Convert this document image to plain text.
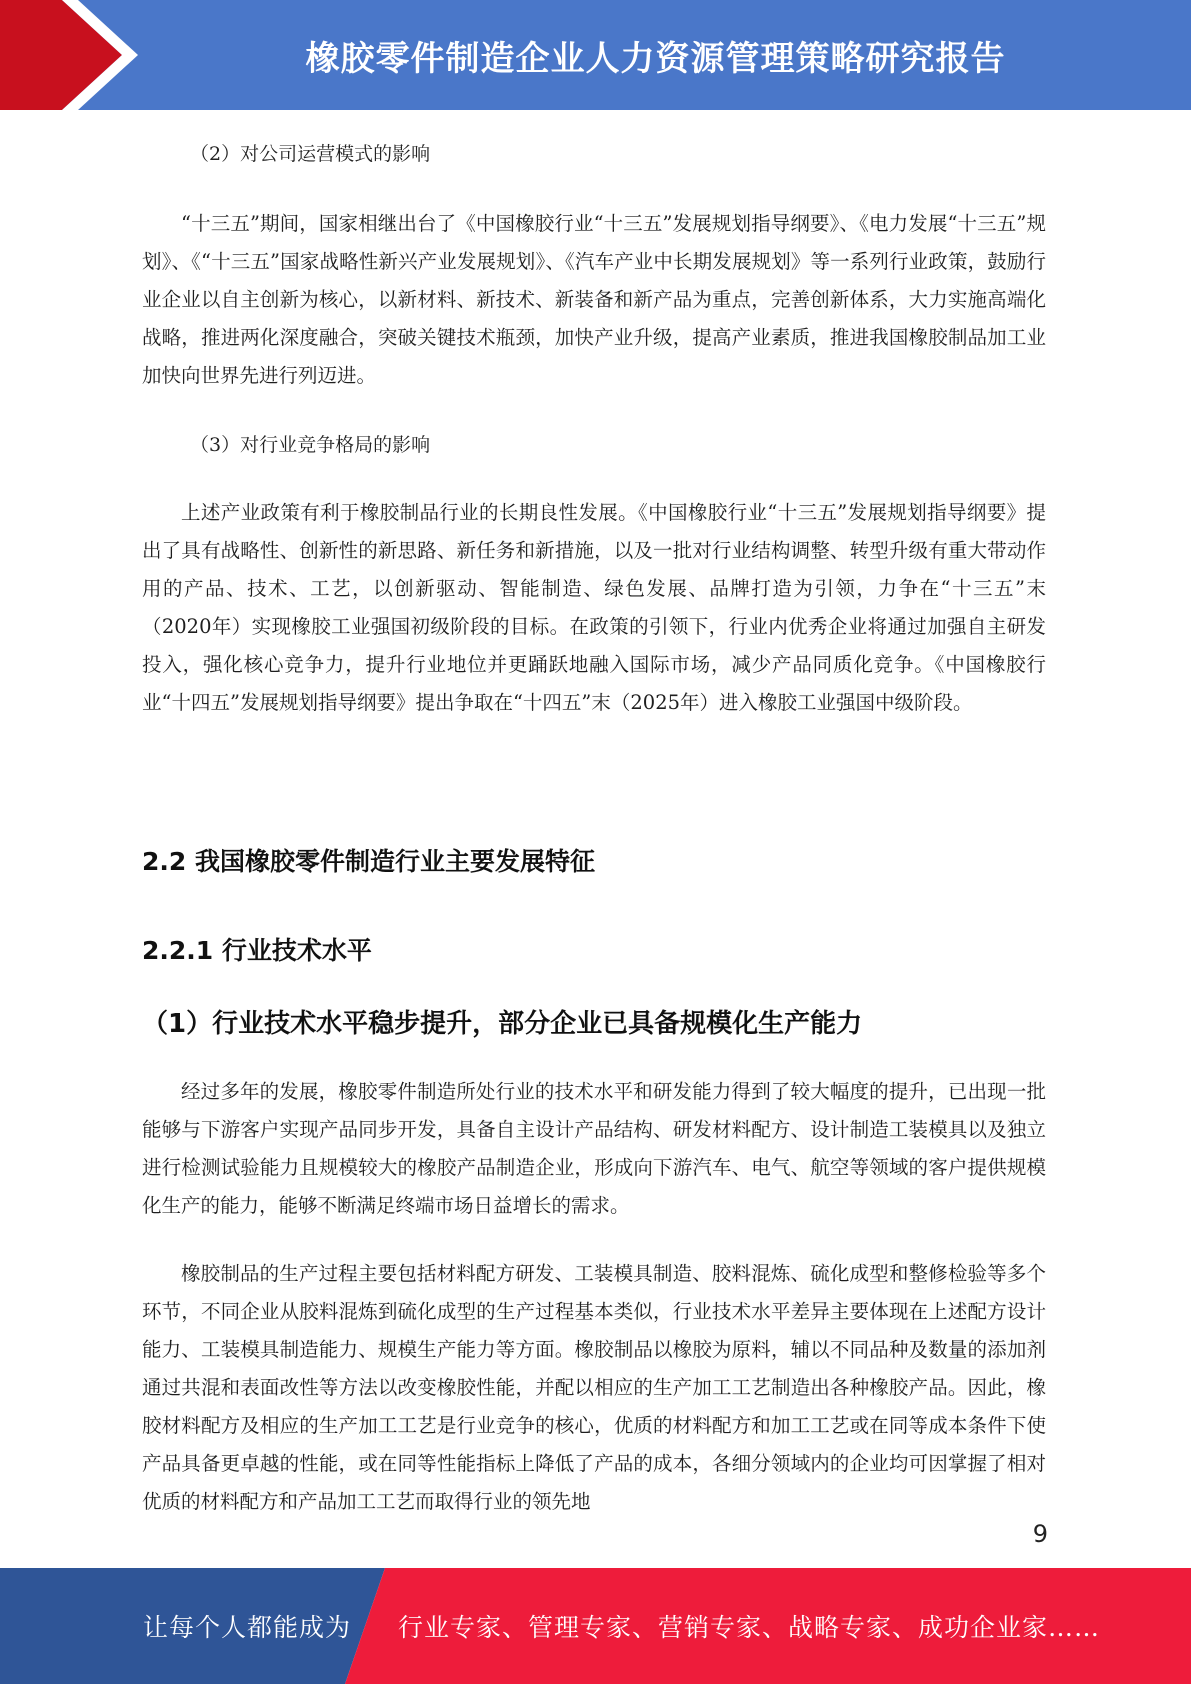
橡胶零件制造企业人力资源管理策略研究报告
（2）对公司运营模式的影响
“十三五”期间，国家相继出台了《中国橡胶行业“十三五”发展规划指导纲要》、《电力发展“十三五”规划》、《“十三五”国家战略性新兴产业发展规划》、《汽车产业中长期发展规划》等一系列行业政策，鼓励行业企业以自主创新为核心，以新材料、新技术、新装备和新产品为重点，完善创新体系，大力实施高端化战略，推进两化深度融合，突破关键技术瓶颈，加快产业升级，提高产业素质，推进我国橡胶制品加工业加快向世界先进行列迈进。
（3）对行业竞争格局的影响
上述产业政策有利于橡胶制品行业的长期良性发展。《中国橡胶行业“十三五”发展规划指导纲要》提出了具有战略性、创新性的新思路、新任务和新措施，以及一批对行业结构调整、转型升级有重大带动作用的产品、技术、工艺，以创新驱动、智能制造、绿色发展、品牌打造为引领，力争在“十三五”末（2020年）实现橡胶工业强国初级阶段的目标。在政策的引领下，行业内优秀企业将通过加强自主研发投入，强化核心竞争力，提升行业地位并更踊跃地融入国际市场，减少产品同质化竞争。《中国橡胶行业“十四五”发展规划指导纲要》提出争取在“十四五”末（2025年）进入橡胶工业强国中级阶段。
2.2 我国橡胶零件制造行业主要发展特征
2.2.1 行业技术水平
（1）行业技术水平稳步提升，部分企业已具备规模化生产能力
经过多年的发展，橡胶零件制造所处行业的技术水平和研发能力得到了较大幅度的提升，已出现一批能够与下游客户实现产品同步开发，具备自主设计产品结构、研发材料配方、设计制造工装模具以及独立进行检测试验能力且规模较大的橡胶产品制造企业，形成向下游汽车、电气、航空等领域的客户提供规模化生产的能力，能够不断满足终端市场日益增长的需求。
橡胶制品的生产过程主要包括材料配方研发、工装模具制造、胶料混炼、硫化成型和整修检验等多个环节，不同企业从胶料混炼到硫化成型的生产过程基本类似，行业技术水平差异主要体现在上述配方设计能力、工装模具制造能力、规模生产能力等方面。橡胶制品以橡胶为原料，辅以不同品种及数量的添加剂通过共混和表面改性等方法以改变橡胶性能，并配以相应的生产加工工艺制造出各种橡胶产品。因此，橡胶材料配方及相应的生产加工工艺是行业竞争的核心，优质的材料配方和加工工艺或在同等成本条件下使产品具备更卓越的性能，或在同等性能指标上降低了产品的成本，各细分领域内的企业均可因掌握了相对优质的材料配方和产品加工工艺而取得行业的领先地
9
让每个人都能成为 行业专家、管理专家、营销专家、战略专家、成功企业家……
